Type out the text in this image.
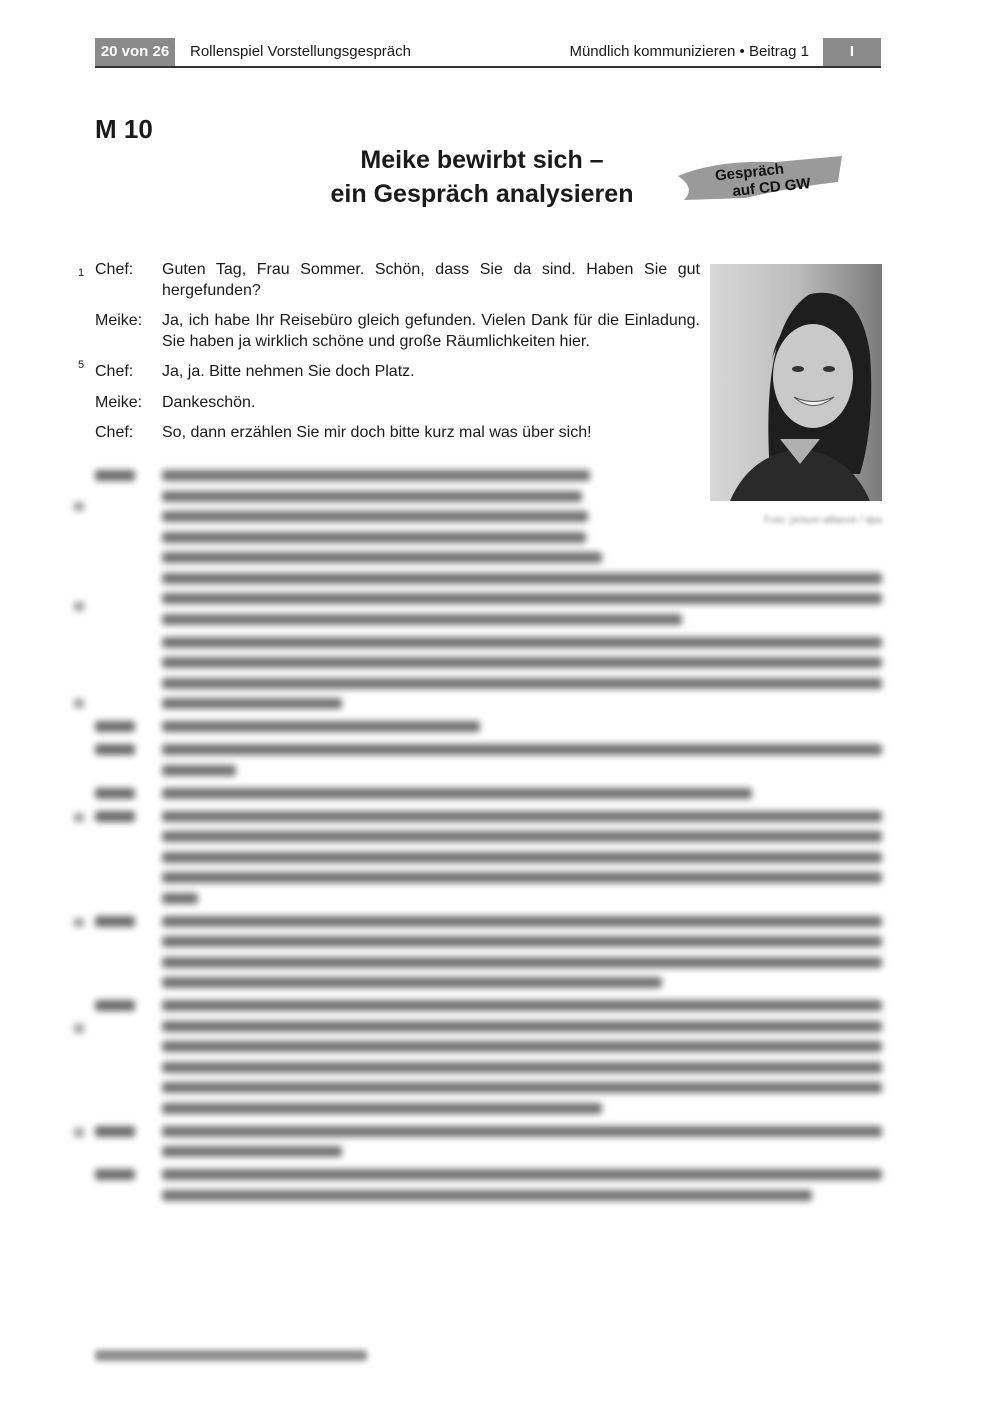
20 von 26	Rollenspiel Vorstellungsgespräch	Mündlich kommunizieren • Beitrag 1	I
M 10
Meike bewirbt sich –
ein Gespräch analysieren
Gespräch
auf CD GW
1 Chef: Guten Tag, Frau Sommer. Schön, dass Sie da sind. Haben Sie gut hergefunden?
5
Meike: Ja, ich habe Ihr Reisebüro gleich gefunden. Vielen Dank für die Einladung. Sie haben ja wirklich schöne und große Räumlichkeiten hier.
Chef: Ja, ja. Bitte nehmen Sie doch Platz.
Meike: Dankeschön.
Chef: So, dann erzählen Sie mir doch bitte kurz mal was über sich!
Foto: picture-alliance / dpa
